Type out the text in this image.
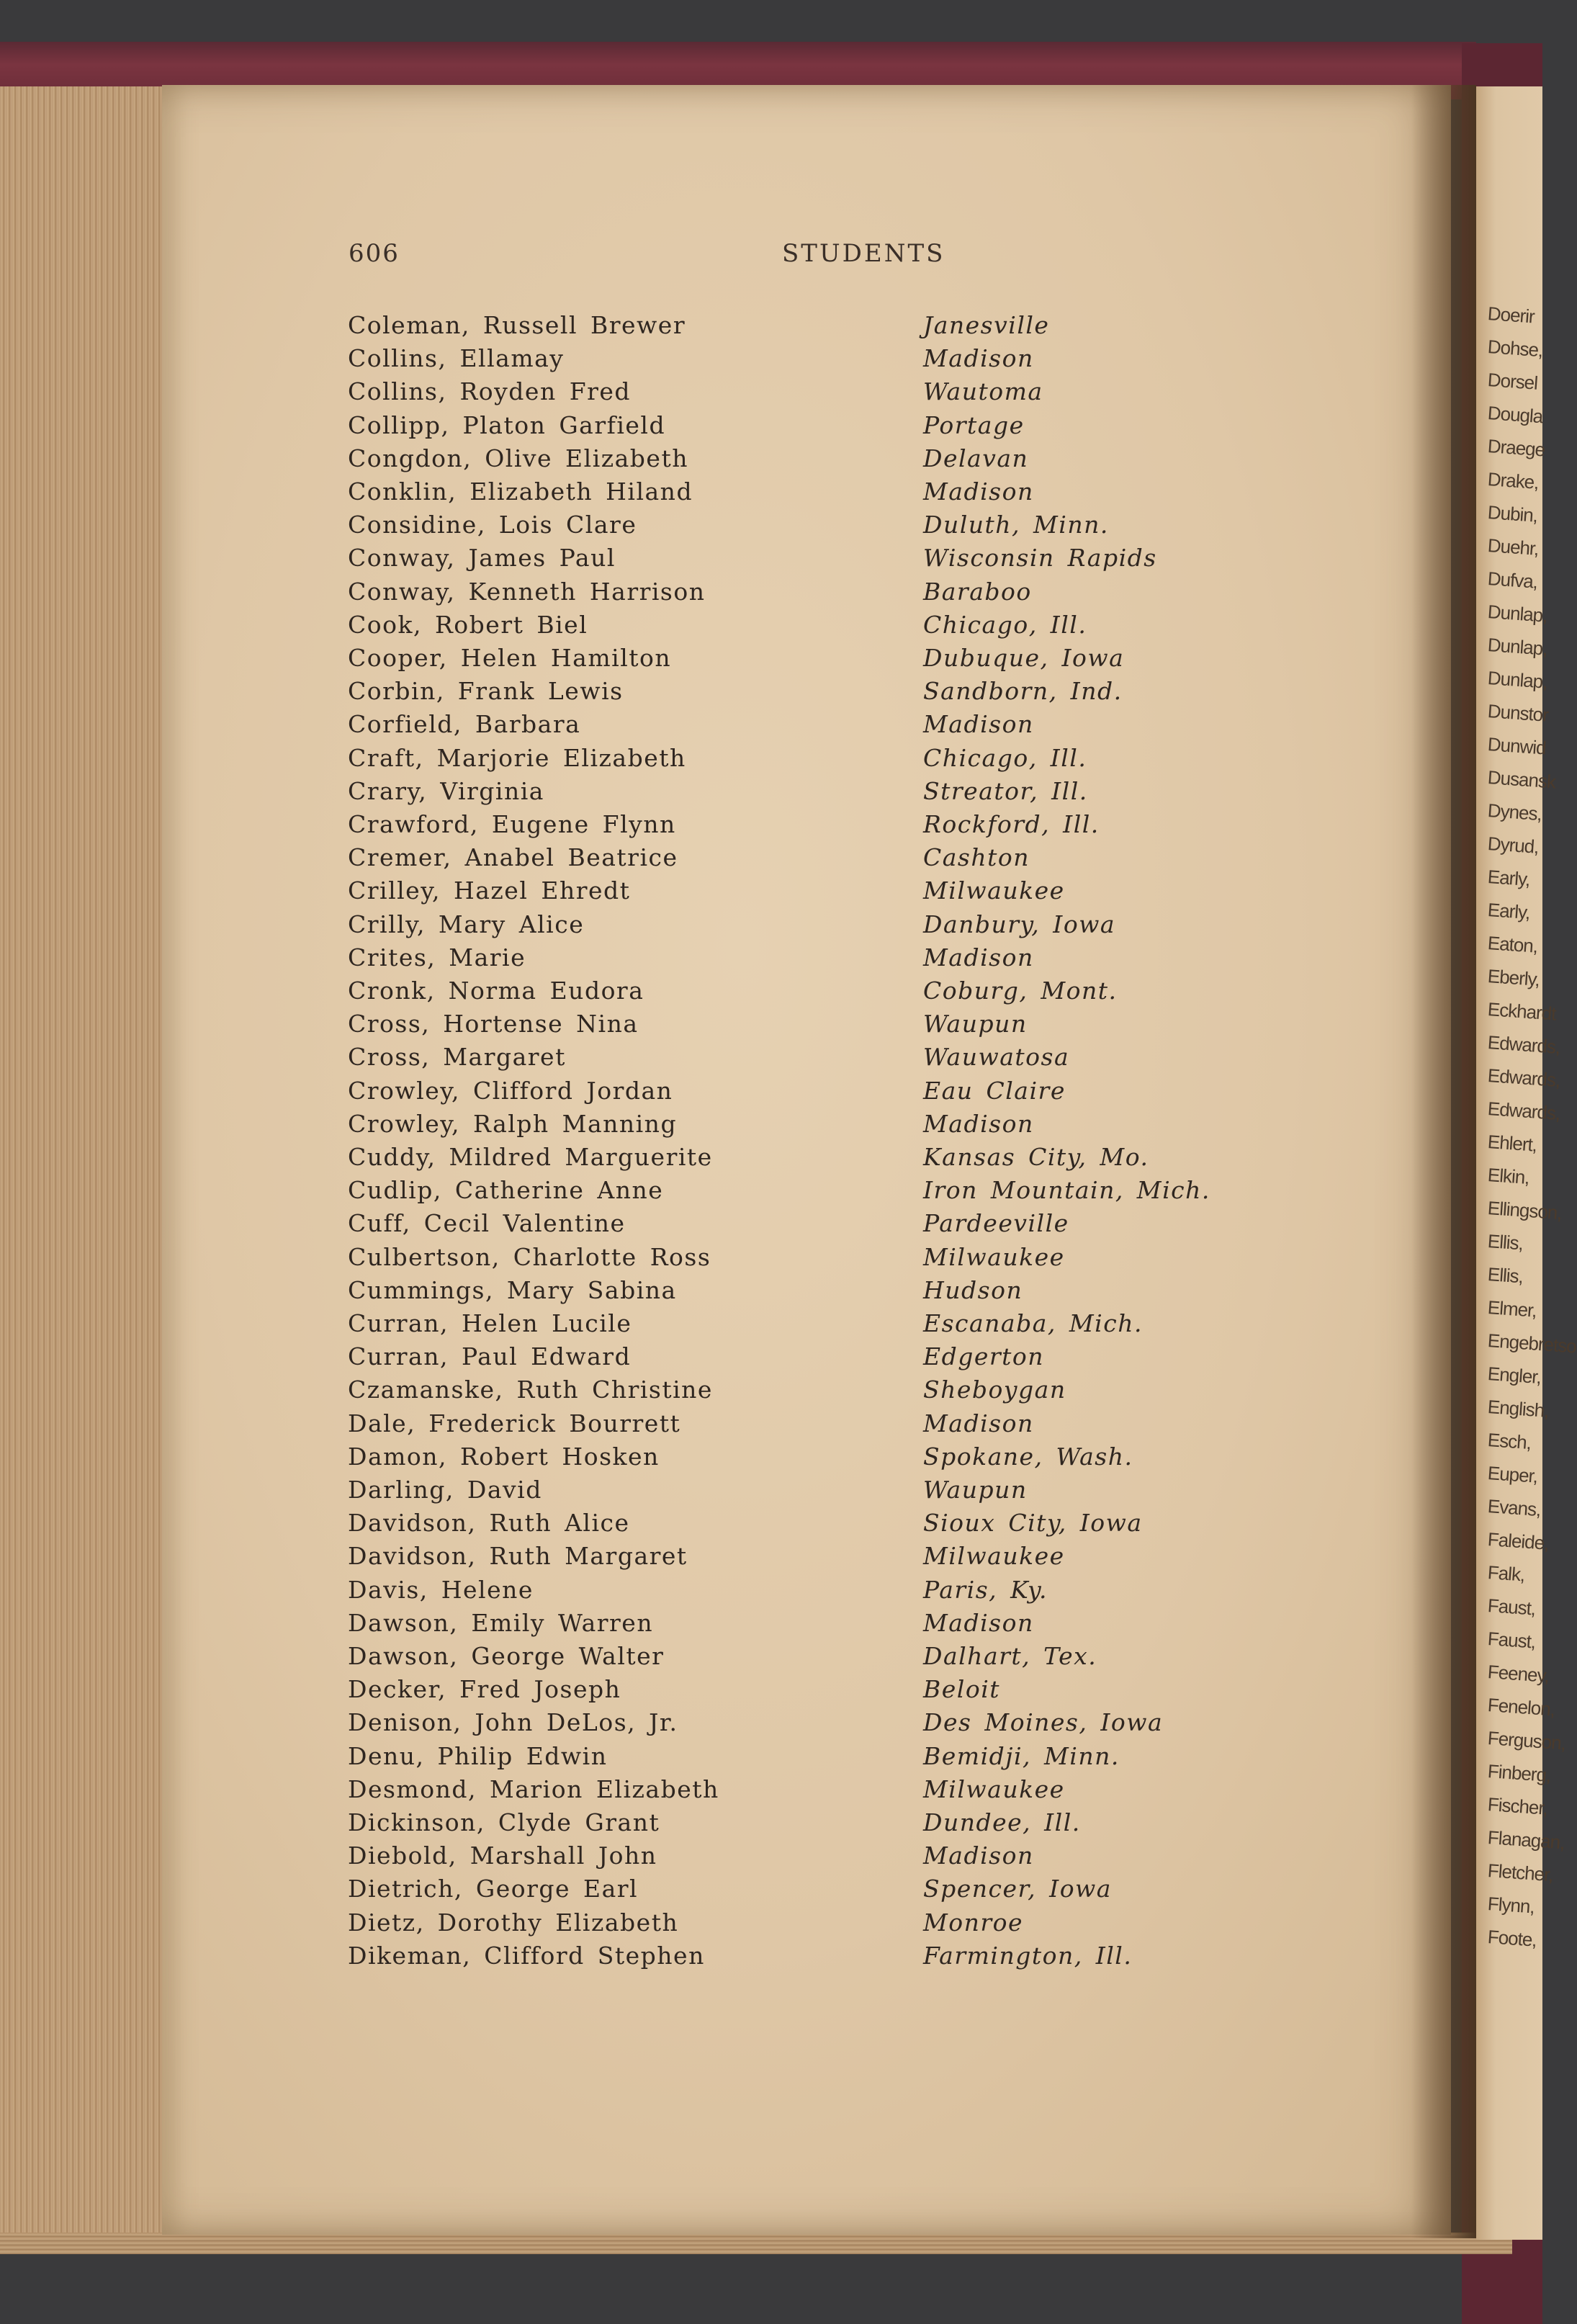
Doerir
Dohse,
Dorsel
Dougla
Draege
Drake,
Dubin,
Duehr,
Dufva,
Dunlap,
Dunlap,
Dunlap,
Dunstor
Dunwid
Dusansk
Dynes,
Dyrud,
Early,
Early,
Eaton,
Eberly,
Eckhardt
Edwards,
Edwards,
Edwards,
Ehlert,
Elkin,
Ellingson,
Ellis,
Ellis,
Elmer,
Engebretso
Engler,
English,
Esch,
Euper,
Evans,
Faleide,
Falk,
Faust,
Faust,
Feeney,
Fenelon,
Ferguson,
Finberg,
Fischer,
Flanagan,
Fletcher,
Flynn,
Foote,
606	STUDENTS
Coleman, Russell Brewer	Janesville
Collins, Ellamay	Madison
Collins, Royden Fred	Wautoma
Collipp, Platon Garfield	Portage
Congdon, Olive Elizabeth	Delavan
Conklin, Elizabeth Hiland	Madison
Considine, Lois Clare	Duluth, Minn.
Conway, James Paul	Wisconsin Rapids
Conway, Kenneth Harrison	Baraboo
Cook, Robert Biel	Chicago, Ill.
Cooper, Helen Hamilton	Dubuque, Iowa
Corbin, Frank Lewis	Sandborn, Ind.
Corfield, Barbara	Madison
Craft, Marjorie Elizabeth	Chicago, Ill.
Crary, Virginia	Streator, Ill.
Crawford, Eugene Flynn	Rockford, Ill.
Cremer, Anabel Beatrice	Cashton
Crilley, Hazel Ehredt	Milwaukee
Crilly, Mary Alice	Danbury, Iowa
Crites, Marie	Madison
Cronk, Norma Eudora	Coburg, Mont.
Cross, Hortense Nina	Waupun
Cross, Margaret	Wauwatosa
Crowley, Clifford Jordan	Eau Claire
Crowley, Ralph Manning	Madison
Cuddy, Mildred Marguerite	Kansas City, Mo.
Cudlip, Catherine Anne	Iron Mountain, Mich.
Cuff, Cecil Valentine	Pardeeville
Culbertson, Charlotte Ross	Milwaukee
Cummings, Mary Sabina	Hudson
Curran, Helen Lucile	Escanaba, Mich.
Curran, Paul Edward	Edgerton
Czamanske, Ruth Christine	Sheboygan
Dale, Frederick Bourrett	Madison
Damon, Robert Hosken	Spokane, Wash.
Darling, David	Waupun
Davidson, Ruth Alice	Sioux City, Iowa
Davidson, Ruth Margaret	Milwaukee
Davis, Helene	Paris, Ky.
Dawson, Emily Warren	Madison
Dawson, George Walter	Dalhart, Tex.
Decker, Fred Joseph	Beloit
Denison, John DeLos, Jr.	Des Moines, Iowa
Denu, Philip Edwin	Bemidji, Minn.
Desmond, Marion Elizabeth	Milwaukee
Dickinson, Clyde Grant	Dundee, Ill.
Diebold, Marshall John	Madison
Dietrich, George Earl	Spencer, Iowa
Dietz, Dorothy Elizabeth	Monroe
Dikeman, Clifford Stephen	Farmington, Ill.
